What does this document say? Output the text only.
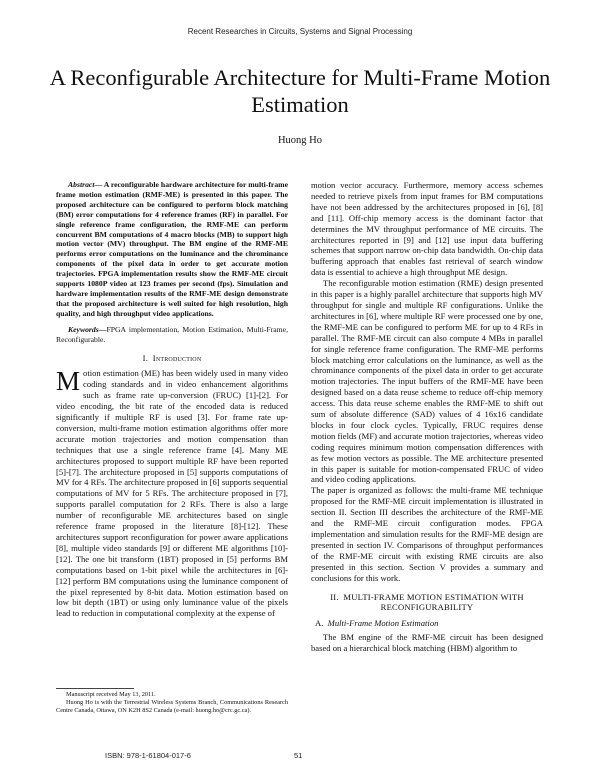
Recent Researches in Circuits, Systems and Signal Processing
A Reconfigurable Architecture for Multi-Frame Motion Estimation
Huong Ho

Abstract— A reconfigurable hardware architecture for multi-frame frame motion estimation (RMF-ME) is presented in this paper. The proposed architecture can be configured to perform block matching (BM) error computations for 4 reference frames (RF) in parallel. For single reference frame configuration, the RMF-ME can perform concurrent BM computations of 4 macro blocks (MB) to support high motion vector (MV) throughput. The BM engine of the RMF-ME performs error computations on the luminance and the chrominance components of the pixel data in order to get accurate motion trajectories. FPGA implementation results show the RMF-ME circuit supports 1080P video at 123 frames per second (fps). Simulation and hardware implementation results of the RMF-ME design demonstrate that the proposed architecture is well suited for high resolution, high quality, and high throughput video applications.

Keywords—FPGA implementation, Motion Estimation, Multi-Frame, Reconfigurable.

I. Introduction

Motion estimation (ME) has been widely used in many video coding standards and in video enhancement algorithms such as frame rate up-conversion (FRUC) [1]-[2]. For video encoding, the bit rate of the encoded data is reduced significantly if multiple RF is used [3]. For frame rate up-conversion, multi-frame motion estimation algorithms offer more accurate motion trajectories and motion compensation than techniques that use a single reference frame [4]. Many ME architectures proposed to support multiple RF have been reported [5]-[7]. The architecture proposed in [5] supports computations of MV for 4 RFs. The architecture proposed in [6] supports sequential computations of MV for 5 RFs. The architecture proposed in [7], supports parallel computation for 2 RFs. There is also a large number of reconfigurable ME architectures based on single reference frame proposed in the literature [8]-[12]. These architectures support reconfiguration for power aware applications [8], multiple video standards [9] or different ME algorithms [10]-[12]. The one bit transform (1BT) proposed in [5] performs BM computations based on 1-bit pixel while the architectures in [6]-[12] perform BM computations using the luminance component of the pixel represented by 8-bit data. Motion estimation based on low bit depth (1BT) or using only luminance value of the pixels lead to reduction in computational complexity at the expense of

motion vector accuracy. Furthermore, memory access schemes needed to retrieve pixels from input frames for BM computations have not been addressed by the architectures proposed in [6], [8] and [11]. Off-chip memory access is the dominant factor that determines the MV throughput performance of ME circuits. The architectures reported in [9] and [12] use input data buffering schemes that support narrow on-chip data bandwidth. On-chip data buffering approach that enables fast retrieval of search window data is essential to achieve a high throughput ME design.

The reconfigurable motion estimation (RME) design presented in this paper is a highly parallel architecture that supports high MV throughput for single and multiple RF configurations. Unlike the architectures in [6], where multiple RF were processed one by one, the RMF-ME can be configured to perform ME for up to 4 RFs in parallel. The RMF-ME circuit can also compute 4 MBs in parallel for single reference frame configuration. The RMF-ME performs block matching error calculations on the luminance, as well as the chrominance components of the pixel data in order to get accurate motion trajectories. The input buffers of the RMF-ME have been designed based on a data reuse scheme to reduce off-chip memory access. This data reuse scheme enables the RMF-ME to shift out sum of absolute difference (SAD) values of 4 16x16 candidate blocks in four clock cycles. Typically, FRUC requires dense motion fields (MF) and accurate motion trajectories, whereas video coding requires minimum motion compensation differences with as few motion vectors as possible. The ME architecture presented in this paper is suitable for motion-compensated FRUC of video and video coding applications.

The paper is organized as follows: the multi-frame ME technique proposed for the RMF-ME circuit implementation is illustrated in section II. Section III describes the architecture of the RMF-ME and the RMF-ME circuit configuration modes. FPGA implementation and simulation results for the RMF-ME design are presented in section IV. Comparisons of throughput performances of the RMF-ME circuit with existing RME circuits are also presented in this section. Section V provides a summary and conclusions for this work.

II. MULTI-FRAME MOTION ESTIMATION WITH RECONFIGURABILITY
A. Multi-Frame Motion Estimation

The BM engine of the RMF-ME circuit has been designed based on a hierarchical block matching (HBM) algorithm to

Manuscript received May 13, 2011.

Huong Ho is with the Terrestrial Wireless Systems Branch, Communications Research Centre Canada, Ottawa, ON K2H 8S2 Canada (e-mail: huong.ho@crc.gc.ca).

ISBN: 978-1-61804-017-6	51
